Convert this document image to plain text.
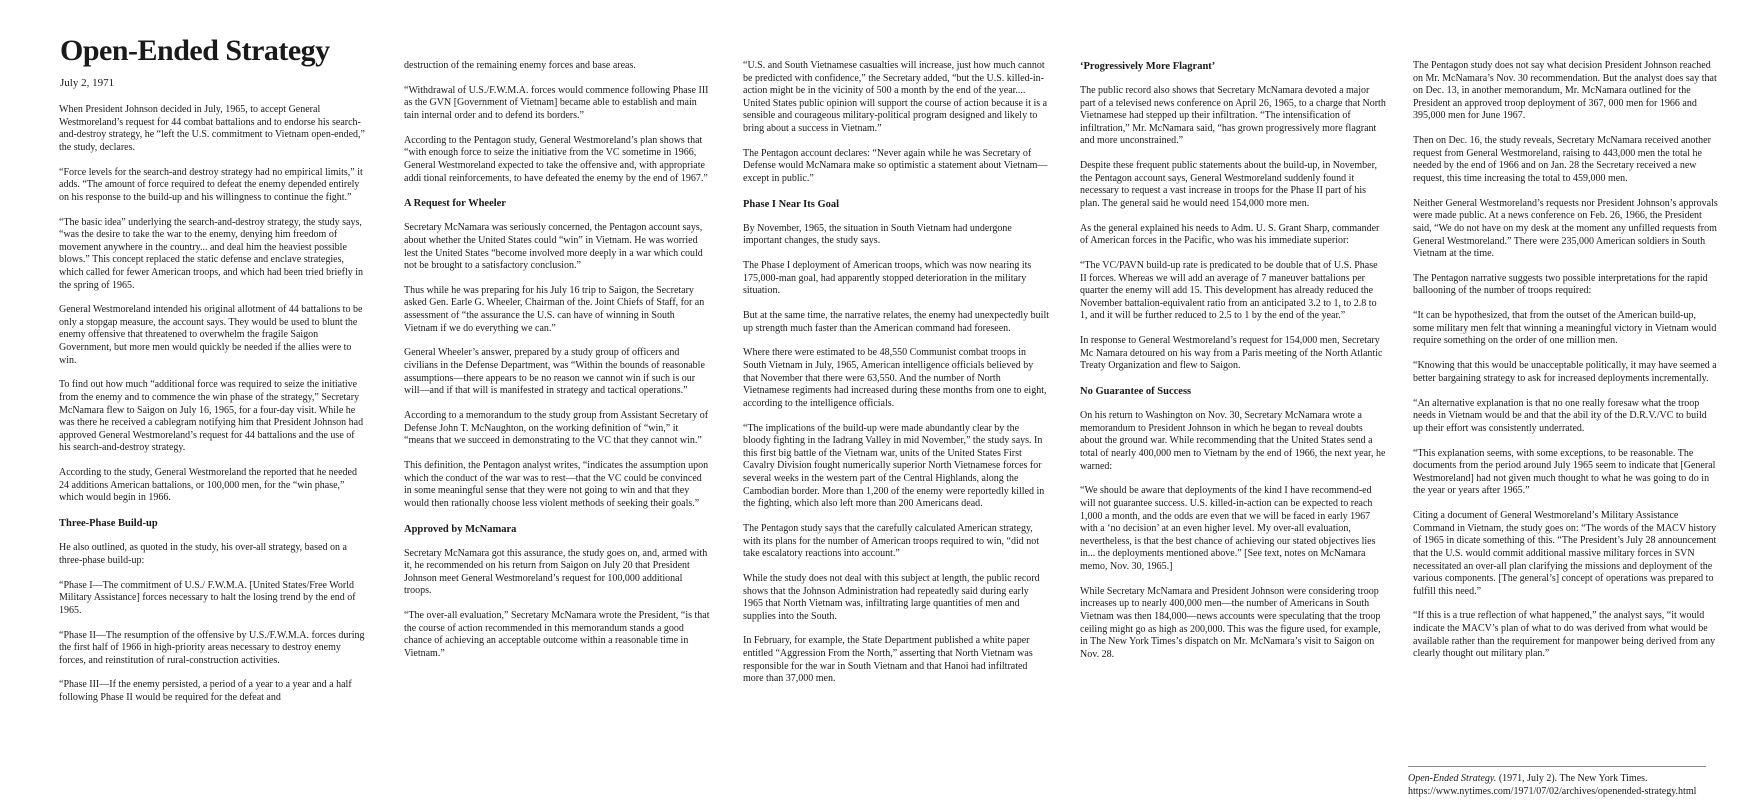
Open-Ended Strategy
July 2, 1971

When President Johnson decided in July, 1965, to accept General Westmoreland’s request for 44 combat battalions and to endorse his search-and-destroy strategy, he “left the U.S. commitment to Vietnam open-ended,” the study, declares.

“Force levels for the search-and destroy strategy had no empirical limits,” it adds. “The amount of force required to defeat the enemy depended entirely on his response to the build-up and his willingness to continue the fight.”

“The basic idea” underlying the search-and-destroy strategy, the study says, “was the desire to take the war to the enemy, denying him freedom of movement anywhere in the country... and deal him the heaviest possible blows.” This concept replaced the static defense and enclave strategies, which called for fewer American troops, and which had been tried briefly in the spring of 1965.

General Westmoreland intended his original allotment of 44 battalions to be only a stopgap measure, the account says. They would be used to blunt the enemy offensive that threatened to overwhelm the fragile Saigon Government, but more men would quickly be needed if the allies were to win.

To find out how much “additional force was required to seize the initiative from the enemy and to commence the win phase of the strategy,” Secretary McNamara flew to Saigon on July 16, 1965, for a four-day visit. While he was there he received a cablegram notifying him that President Johnson had approved General Westmoreland’s request for 44 battalions and the use of his search-and-destroy strategy.

According to the study, General Westmoreland the reported that he needed 24 additions American battalions, or 100,000 men, for the “win phase,” which would begin in 1966.

Three-Phase Build-up

He also outlined, as quoted in the study, his over-all strategy, based on a three-phase build-up:

“Phase I—The commitment of U.S./ F.W.M.A. [United States/Free World Military Assistance] forces necessary to halt the losing trend by the end of 1965.

“Phase II—The resumption of the offensive by U.S./F.W.M.A. forces during the first half of 1966 in high-priority areas necessary to destroy enemy forces, and reinstitution of rural-construction activities.

“Phase III—If the enemy persisted, a period of a year to a year and a half following Phase II would be required for the defeat and

destruction of the remaining enemy forces and base areas.

“Withdrawal of U.S./F.W.M.A. forces would commence following Phase III as the GVN [Government of Vietnam] became able to establish and main tain internal order and to defend its borders.”

According to the Pentagon study, General Westmoreland’s plan shows that “with enough force to seize the initiative from the VC sometime in 1966, General Westmoreland expected to take the offensive and, with appropriate addi tional reinforcements, to have defeated the enemy by the end of 1967.”

A Request for Wheeler

Secretary McNamara was seriously concerned, the Pentagon account says, about whether the United States could “win” in Vietnam. He was worried lest the United States “become involved more deeply in a war which could not be brought to a satisfactory conclusion.”

Thus while he was preparing for his July 16 trip to Saigon, the Secretary asked Gen. Earle G. Wheeler, Chairman of the. Joint Chiefs of Staff, for an assessment of “the assurance the U.S. can have of winning in South Vietnam if we do everything we can.”

General Wheeler’s answer, prepared by a study group of officers and civilians in the Defense Department, was “Within the bounds of reasonable assumptions—there appears to be no reason we cannot win if such is our will—and if that will is manifested in strategy and tactical operations.”

According to a memorandum to the study group from Assistant Secretary of Defense John T. McNaughton, on the working definition of “win,” it “means that we succeed in demonstrating to the VC that they cannot win.”

This definition, the Pentagon analyst writes, “indicates the assumption upon which the conduct of the war was to rest—that the VC could be convinced in some meaningful sense that they were not going to win and that they would then rationally choose less violent methods of seeking their goals.”

Approved by McNamara

Secretary McNamara got this assurance, the study goes on, and, armed with it, he recommended on his return from Saigon on July 20 that President Johnson meet General Westmoreland’s request for 100,000 additional troops.

“The over-all evaluation,” Secretary McNamara wrote the President, “is that the course of action recommended in this memorandum stands a good chance of achieving an acceptable outcome within a reasonable time in Vietnam.”

“U.S. and South Vietnamese casualties will increase, just how much cannot be predicted with confidence,” the Secretary added, “but the U.S. killed-in-action might be in the vicinity of 500 a month by the end of the year.... United States public opinion will support the course of action because it is a sensible and courageous military-political program designed and likely to bring about a success in Vietnam.”

The Pentagon account declares: “Never again while he was Secretary of Defense would McNamara make so optimistic a statement about Vietnam—except in public.”

Phase I Near Its Goal

By November, 1965, the situation in South Vietnam had undergone important changes, the study says.

The Phase I deployment of American troops, which was now nearing its 175,000-man goal, had apparently stopped deterioration in the military situation.

But at the same time, the narrative relates, the enemy had unexpectedly built up strength much faster than the American command had foreseen.

Where there were estimated to be 48,550 Communist combat troops in South Vietnam in July, 1965, American intelligence officials believed by that November that there were 63,550. And the number of North Vietnamese regiments had increased during these months from one to eight, according to the intelligence officials.

“The implications of the build-up were made abundantly clear by the bloody fighting in the Iadrang Valley in mid November,” the study says. In this first big battle of the Vietnam war, units of the United States First Cavalry Division fought numerically superior North Vietnamese forces for several weeks in the western part of the Central Highlands, along the Cambodian border. More than 1,200 of the enemy were reportedly killed in the fighting, which also left more than 200 Americans dead.

The Pentagon study says that the carefully calculated American strategy, with its plans for the number of American troops required to win, “did not take escalatory reactions into account.”

While the study does not deal with this subject at length, the public record shows that the Johnson Administration had repeatedly said during early 1965 that North Vietnam was, infiltrating large quantities of men and supplies into the South.

In February, for example, the State Department published a white paper entitled “Aggression From the North,” asserting that North Vietnam was responsible for the war in South Vietnam and that Hanoi had infiltrated more than 37,000 men.

‘Progressively More Flagrant’

The public record also shows that Secretary McNamara devoted a major part of a televised news conference on April 26, 1965, to a charge that North Vietnamese had stepped up their infiltration. “The intensification of infiltration,” Mr. McNamara said, “has grown progressively more flagrant and more unconstrained.”

Despite these frequent public statements about the build-up, in November, the Pentagon account says, General Westmoreland suddenly found it necessary to request a vast increase in troops for the Phase II part of his plan. The general said he would need 154,000 more men.

As the general explained his needs to Adm. U. S. Grant Sharp, commander of American forces in the Pacific, who was his immediate superior:

“The VC/PAVN build-up rate is predicated to be double that of U.S. Phase II forces. Whereas we will add an average of 7 maneuver battalions per quarter the enemy will add 15. This development has already reduced the November battalion-equivalent ratio from an anticipated 3.2 to 1, to 2.8 to 1, and it will be further reduced to 2.5 to 1 by the end of the year.”

In response to General Westmoreland’s request for 154,000 men, Secretary Mc Namara detoured on his way from a Paris meeting of the North Atlantic Treaty Organization and flew to Saigon.

No Guarantee of Success

On his return to Washington on Nov. 30, Secretary McNamara wrote a memorandum to President Johnson in which he began to reveal doubts about the ground war. While recommending that the United States send a total of nearly 400,000 men to Vietnam by the end of 1966, the next year, he warned:

“We should be aware that deployments of the kind I have recommend-ed will not guarantee success. U.S. killed-in-action can be expected to reach 1,000 a month, and the odds are even that we will be faced in early 1967 with a ‘no decision’ at an even higher level. My over-all evaluation, nevertheless, is that the best chance of achieving our stated objectives lies in... the deployments mentioned above.” [See text, notes on McNamara memo, Nov. 30, 1965.]

While Secretary McNamara and President Johnson were considering troop increases up to nearly 400,000 men—the number of Americans in South Vietnam was then 184,000—news accounts were speculating that the troop ceiling might go as high as 200,000. This was the figure used, for example, in The New York Times’s dispatch on Mr. McNamara’s visit to Saigon on Nov. 28.

The Pentagon study does not say what decision President Johnson reached on Mr. McNamara’s Nov. 30 recommendation. But the analyst does say that on Dec. 13, in another memorandum, Mr. McNamara outlined for the President an approved troop deployment of 367, 000 men for 1966 and 395,000 men for June 1967.

Then on Dec. 16, the study reveals, Secretary McNamara received another request from General Westmoreland, raising to 443,000 men the total he needed by the end of 1966 and on Jan. 28 the Secretary received a new request, this time increasing the total to 459,000 men.

Neither General Westmoreland’s requests nor President Johnson’s approvals were made public. At a news conference on Feb. 26, 1966, the President said, “We do not have on my desk at the moment any unfilled requests from General Westmoreland.” There were 235,000 American soldiers in South Vietnam at the time.

The Pentagon narrative suggests two possible interpretations for the rapid ballooning of the number of troops required:

“It can be hypothesized, that from the outset of the American build-up, some military men felt that winning a meaningful victory in Vietnam would require something on the order of one million men.

“Knowing that this would be unacceptable politically, it may have seemed a better bargaining strategy to ask for increased deployments incrementally.

“An alternative explanation is that no one really foresaw what the troop needs in Vietnam would be and that the abil ity of the D.R.V./VC to build up their effort was consistently underrated.

“This explanation seems, with some exceptions, to be reasonable. The documents from the period around July 1965 seem to indicate that [General Westmoreland] had not given much thought to what he was going to do in the year or years after 1965.”

Citing a document of General Westmoreland’s Military Assistance Command in Vietnam, the study goes on: “The words of the MACV history of 1965 in dicate something of this. “The President’s July 28 announcement that the U.S. would commit additional massive military forces in SVN necessitated an over-all plan clarifying the missions and deployment of the various components. [The general’s] concept of operations was prepared to fulfill this need.”

“If this is a true reflection of what happened,” the analyst says, “it would indicate the MACV’s plan of what to do was derived from what would be available rather than the requirement for manpower being derived from any clearly thought out military plan.”

Open-Ended Strategy. (1971, July 2). The New York Times.
https://www.nytimes.com/1971/07/02/archives/openended-strategy.html
